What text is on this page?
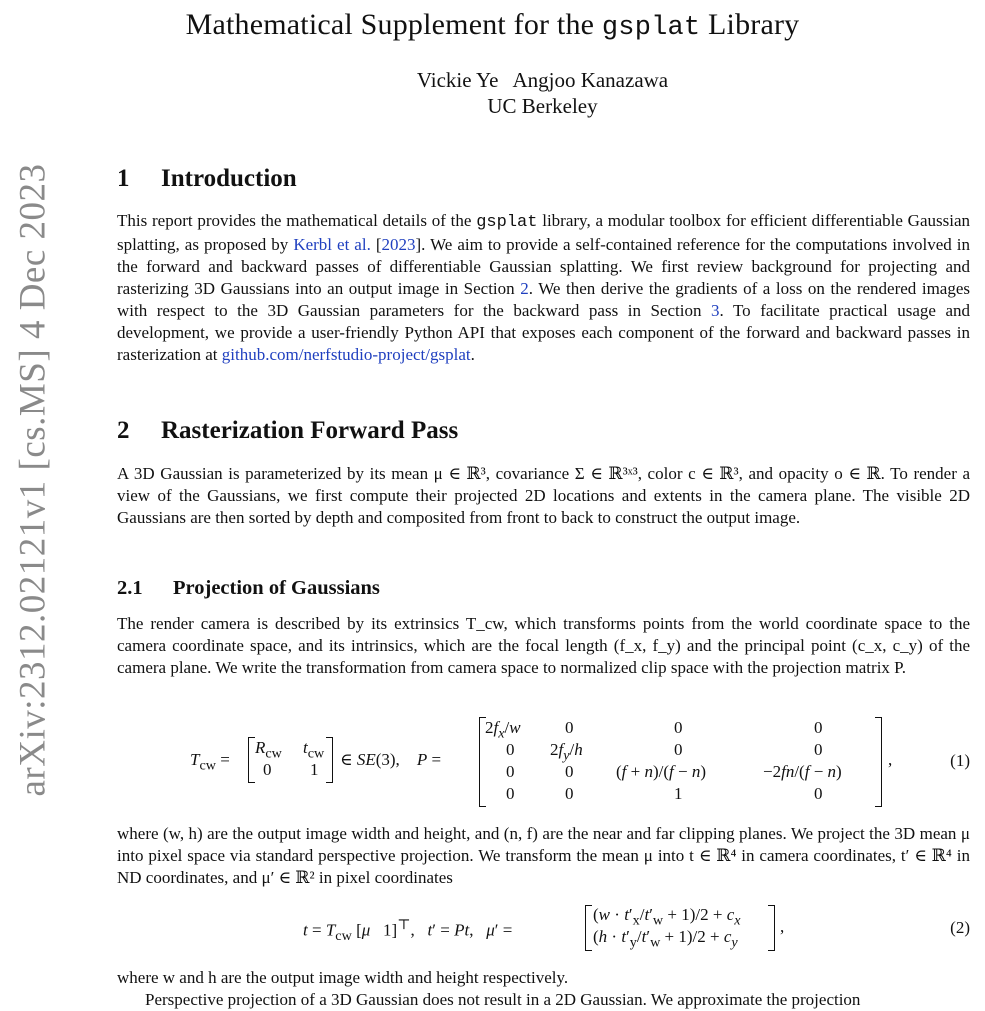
arXiv:2312.02121v1 [cs.MS] 4 Dec 2023
Mathematical Supplement for the gsplat Library
Vickie Ye Angjoo Kanazawa
UC Berkeley
1 Introduction

This report provides the mathematical details of the gsplat library, a modular toolbox for efficient differentiable Gaussian splatting, as proposed by Kerbl et al. [2023]. We aim to provide a self-contained reference for the computations involved in the forward and backward passes of differentiable Gaussian splatting. We first review background for projecting and rasterizing 3D Gaussians into an output image in Section 2. We then derive the gradients of a loss on the rendered images with respect to the 3D Gaussian parameters for the backward pass in Section 3. To facilitate practical usage and development, we provide a user-friendly Python API that exposes each component of the forward and backward passes in rasterization at github.com/nerfstudio-project/gsplat.

2 Rasterization Forward Pass

A 3D Gaussian is parameterized by its mean μ ∈ ℝ³, covariance Σ ∈ ℝ³ˣ³, color c ∈ ℝ³, and opacity o ∈ ℝ. To render a view of the Gaussians, we first compute their projected 2D locations and extents in the camera plane. The visible 2D Gaussians are then sorted by depth and composited from front to back to construct the output image.

2.1 Projection of Gaussians

The render camera is described by its extrinsics T_cw, which transforms points from the world coordinate space to the camera coordinate space, and its intrinsics, which are the focal length (f_x, f_y) and the principal point (c_x, c_y) of the camera plane. We write the transformation from camera space to normalized clip space with the projection matrix P.

$T_{cw}$ =
$R_{cw}$ $t_{cw}$
0 1
∈ SE(3),    P =
$2f_x/w$	0	0	0
0 $2f_y/h$	0	0
0	0	(f + n)/(f − n)	−2fn/(f − n)
0	0	1	0
,	(1)

where (w, h) are the output image width and height, and (n, f) are the near and far clipping planes. We project the 3D mean μ into pixel space via standard perspective projection. We transform the mean μ into t ∈ ℝ⁴ in camera coordinates, t′ ∈ ℝ⁴ in ND coordinates, and μ′ ∈ ℝ² in pixel coordinates

$t = T_{cw}$ [μ   1]⊤,   t′ = Pt,   μ′ =
$(w \cdot t'_x/t'_w + 1)/2 + c_x$
$(h \cdot t'_y/t'_w + 1)/2 + c_y$
,	(2)

where w and h are the output image width and height respectively.

Perspective projection of a 3D Gaussian does not result in a 2D Gaussian. We approximate the projection
